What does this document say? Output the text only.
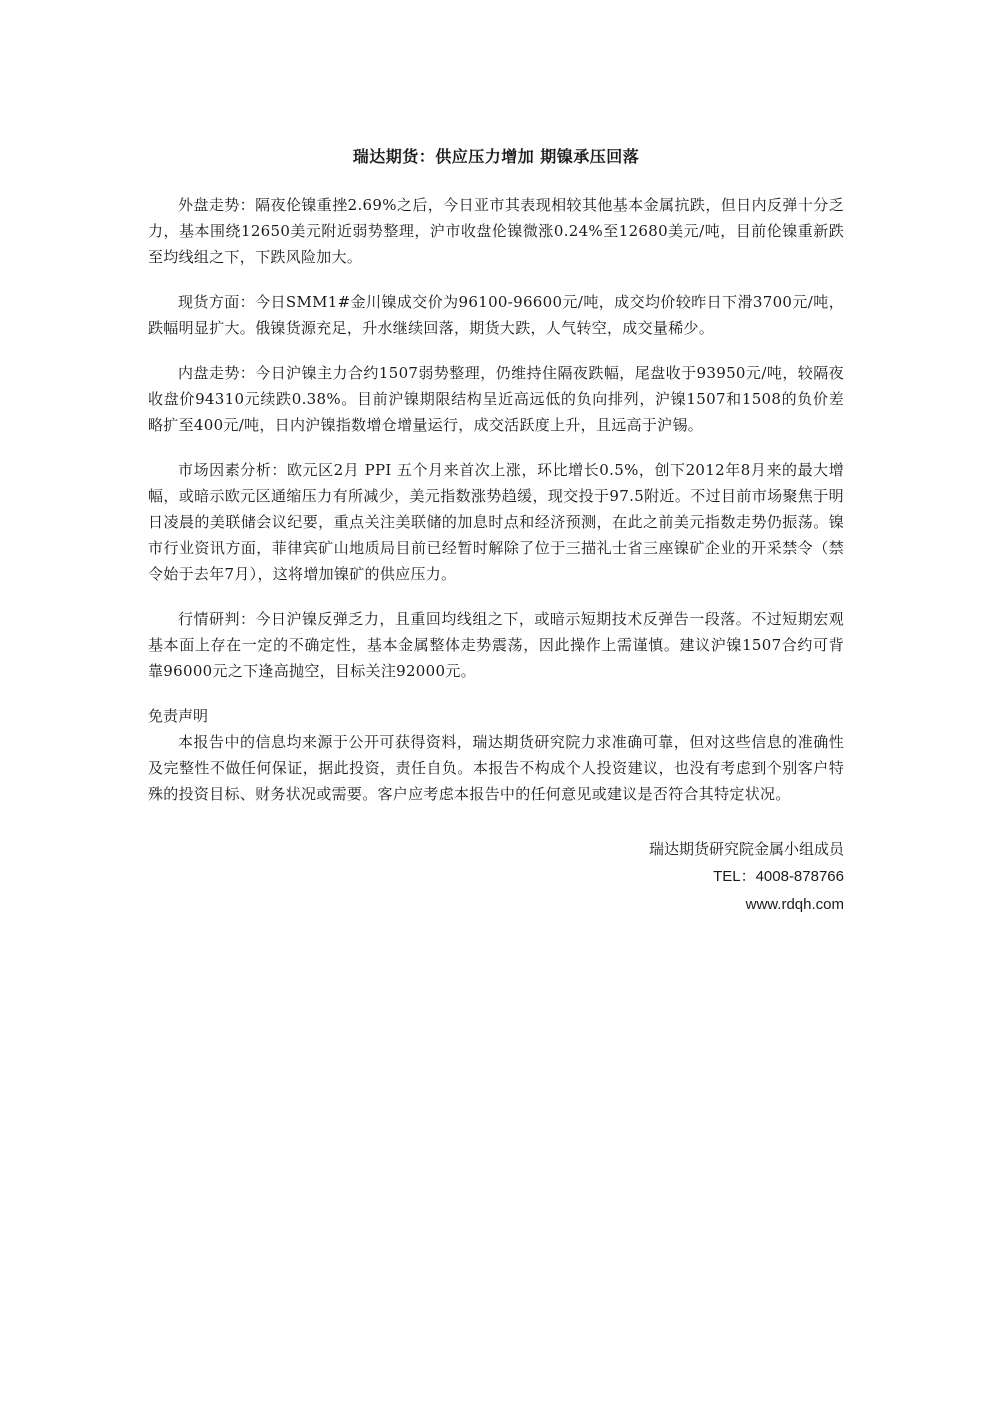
瑞达期货：供应压力增加 期镍承压回落

外盘走势：隔夜伦镍重挫2.69%之后，今日亚市其表现相较其他基本金属抗跌，但日内反弹十分乏力，基本围绕12650美元附近弱势整理，沪市收盘伦镍微涨0.24%至12680美元/吨，目前伦镍重新跌至均线组之下，下跌风险加大。

现货方面：今日SMM1#金川镍成交价为96100-96600元/吨，成交均价较昨日下滑3700元/吨，跌幅明显扩大。俄镍货源充足，升水继续回落，期货大跌，人气转空，成交量稀少。

内盘走势：今日沪镍主力合约1507弱势整理，仍维持住隔夜跌幅，尾盘收于93950元/吨，较隔夜收盘价94310元续跌0.38%。目前沪镍期限结构呈近高远低的负向排列，沪镍1507和1508的负价差略扩至400元/吨，日内沪镍指数增仓增量运行，成交活跃度上升，且远高于沪锡。

市场因素分析：欧元区2月 PPI 五个月来首次上涨，环比增长0.5%，创下2012年8月来的最大增幅，或暗示欧元区通缩压力有所减少，美元指数涨势趋缓，现交投于97.5附近。不过目前市场聚焦于明日凌晨的美联储会议纪要，重点关注美联储的加息时点和经济预测，在此之前美元指数走势仍振荡。镍市行业资讯方面，菲律宾矿山地质局目前已经暂时解除了位于三描礼士省三座镍矿企业的开采禁令（禁令始于去年7月），这将增加镍矿的供应压力。

行情研判：今日沪镍反弹乏力，且重回均线组之下，或暗示短期技术反弹告一段落。不过短期宏观基本面上存在一定的不确定性，基本金属整体走势震荡，因此操作上需谨慎。建议沪镍1507合约可背靠96000元之下逢高抛空，目标关注92000元。

免责声明

本报告中的信息均来源于公开可获得资料，瑞达期货研究院力求准确可靠，但对这些信息的准确性及完整性不做任何保证，据此投资，责任自负。本报告不构成个人投资建议，也没有考虑到个别客户特殊的投资目标、财务状况或需要。客户应考虑本报告中的任何意见或建议是否符合其特定状况。

瑞达期货研究院金属小组成员
TEL：4008-878766
www.rdqh.com
